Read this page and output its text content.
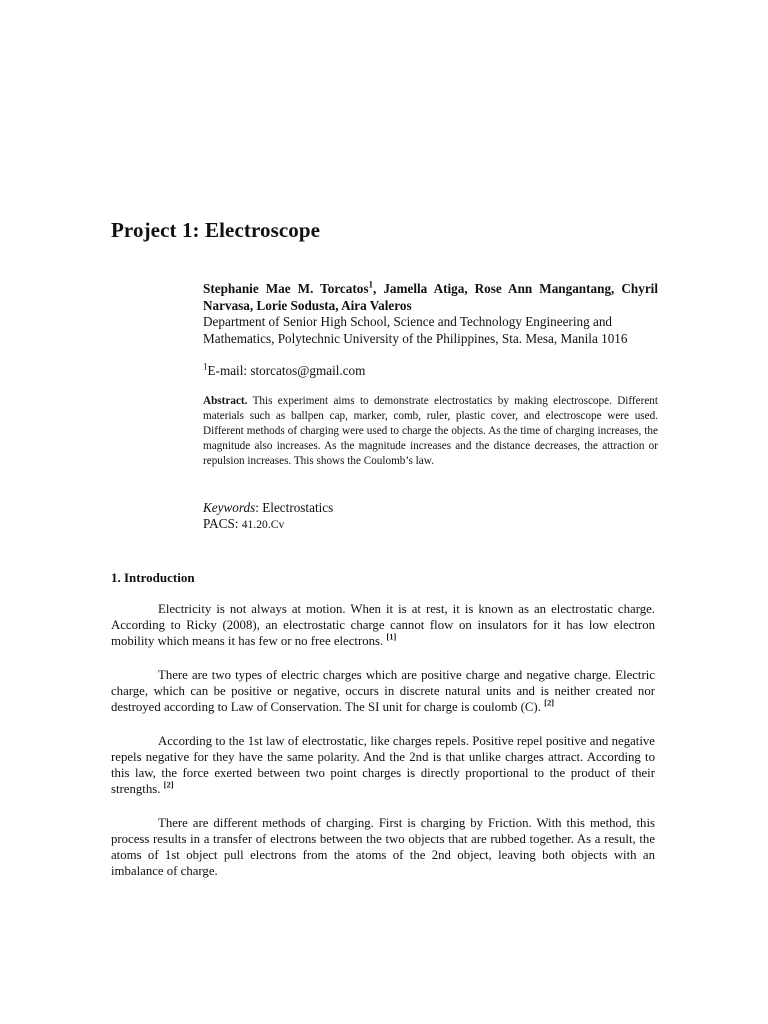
Project 1: Electroscope

Stephanie Mae M. Torcatos$^1$, Jamella Atiga, Rose Ann Mangantang, Chyril Narvasa, Lorie Sodusta, Aira Valeros

Department of Senior High School, Science and Technology Engineering and Mathematics, Polytechnic University of the Philippines, Sta. Mesa, Manila 1016

$^1$E-mail: storcatos@gmail.com

Abstract. This experiment aims to demonstrate electrostatics by making electroscope. Different materials such as ballpen cap, marker, comb, ruler, plastic cover, and electroscope were used. Different methods of charging were used to charge the objects. As the time of charging increases, the magnitude also increases. As the magnitude increases and the distance decreases, the attraction or repulsion increases. This shows the Coulomb’s law.

Keywords: Electrostatics
PACS: 41.20.Cv
1. Introduction

Electricity is not always at motion. When it is at rest, it is known as an electrostatic charge. According to Ricky (2008), an electrostatic charge cannot flow on insulators for it has low electron mobility which means it has few or no free electrons. [1]

There are two types of electric charges which are positive charge and negative charge. Electric charge, which can be positive or negative, occurs in discrete natural units and is neither created nor destroyed according to Law of Conservation. The SI unit for charge is coulomb (C). [2]

According to the 1st law of electrostatic, like charges repels. Positive repel positive and negative repels negative for they have the same polarity. And the 2nd is that unlike charges attract. According to this law, the force exerted between two point charges is directly proportional to the product of their strengths. [2]

There are different methods of charging. First is charging by Friction. With this method, this process results in a transfer of electrons between the two objects that are rubbed together. As a result, the atoms of 1st object pull electrons from the atoms of the 2nd object, leaving both objects with an imbalance of charge.
